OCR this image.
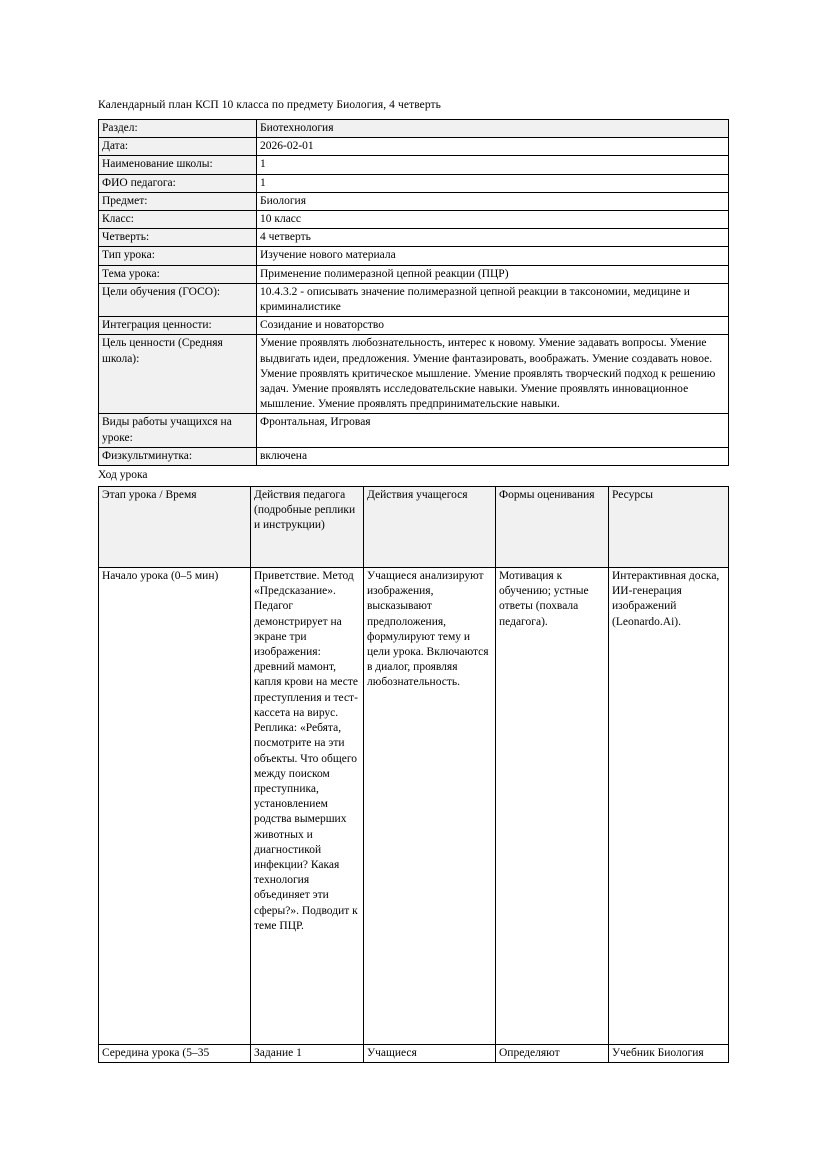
Календарный план КСП 10 класса по предмету Биология, 4 четверть

Раздел:	Биотехнология
Дата:	2026-02-01
Наименование школы:	1
ФИО педагога:	1
Предмет:	Биология
Класс:	10 класс
Четверть:	4 четверть
Тип урока:	Изучение нового материала
Тема урока:	Применение полимеразной цепной реакции (ПЦР)
Цели обучения (ГОСО):	10.4.3.2 - описывать значение полимеразной цепной реакции в таксономии, медицине и криминалистике
Интеграция ценности:	Созидание и новаторство
Цель ценности (Средняя школа):	Умение проявлять любознательность, интерес к новому. Умение задавать вопросы. Умение выдвигать идеи, предложения. Умение фантазировать, воображать. Умение создавать новое. Умение проявлять критическое мышление. Умение проявлять творческий подход к решению задач. Умение проявлять исследовательские навыки. Умение проявлять инновационное мышление. Умение проявлять предпринимательские навыки.
Виды работы учащихся на уроке:	Фронтальная, Игровая
Физкультминутка:	включена

Ход урока

Этап урока / Время	Действия педагога (подробные реплики и инструкции)	Действия учащегося	Формы оценивания	Ресурсы
Начало урока (0–5 мин)	Приветствие. Метод «Предсказание». Педагог демонстрирует на экране три изображения: древний мамонт, капля крови на месте преступления и тест-кассета на вирус. Реплика: «Ребята, посмотрите на эти объекты. Что общего между поиском преступника, установлением родства вымерших животных и диагностикой инфекции? Какая технология объединяет эти сферы?». Подводит к теме ПЦР.	Учащиеся анализируют изображения, высказывают предположения, формулируют тему и цели урока. Включаются в диалог, проявляя любознательность.	Мотивация к обучению; устные ответы (похвала педагога).	Интерактивная доска, ИИ-генерация изображений (Leonardo.Ai).
Середина урока (5–35	Задание 1	Учащиеся	Определяют	Учебник Биология
